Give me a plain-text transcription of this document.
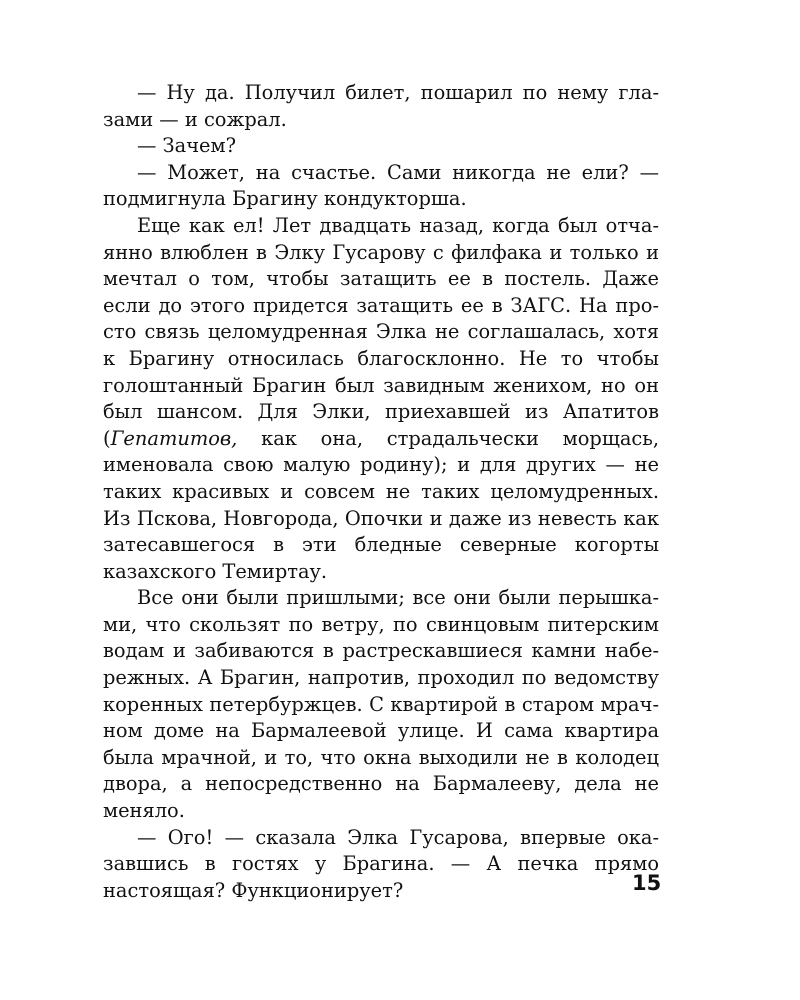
— Ну да. Получил билет, пошарил по нему глазами — и сожрал.

— Зачем?

— Может, на счастье. Сами никогда не ели? — подмигнула Брагину кондукторша.

Еще как ел! Лет двадцать назад, когда был отчаянно влюблен в Элку Гусарову с филфака и только и мечтал о том, чтобы затащить ее в постель. Даже если до этого придется затащить ее в ЗАГС. На просто связь целомудренная Элка не соглашалась, хотя к Брагину относилась благосклонно. Не то чтобы голоштанный Брагин был завидным женихом, но он был шансом. Для Элки, приехавшей из Апатитов (Гепатитов, как она, страдальчески морщась, именовала свою малую родину); и для других — не таких красивых и совсем не таких целомудренных. Из Пскова, Новгорода, Опочки и даже из невесть как затесавшегося в эти бледные северные когорты казахского Темиртау.

Все они были пришлыми; все они были перышками, что скользят по ветру, по свинцовым питерским водам и забиваются в растрескавшиеся камни набережных. А Брагин, напротив, проходил по ведомству коренных петербуржцев. С квартирой в старом мрачном доме на Бармалеевой улице. И сама квартира была мрачной, и то, что окна выходили не в колодец двора, а непосредственно на Бармалееву, дела не меняло.

— Ого! — сказала Элка Гусарова, впервые оказавшись в гостях у Брагина. — А печка прямо настоящая? Функционирует?	15
